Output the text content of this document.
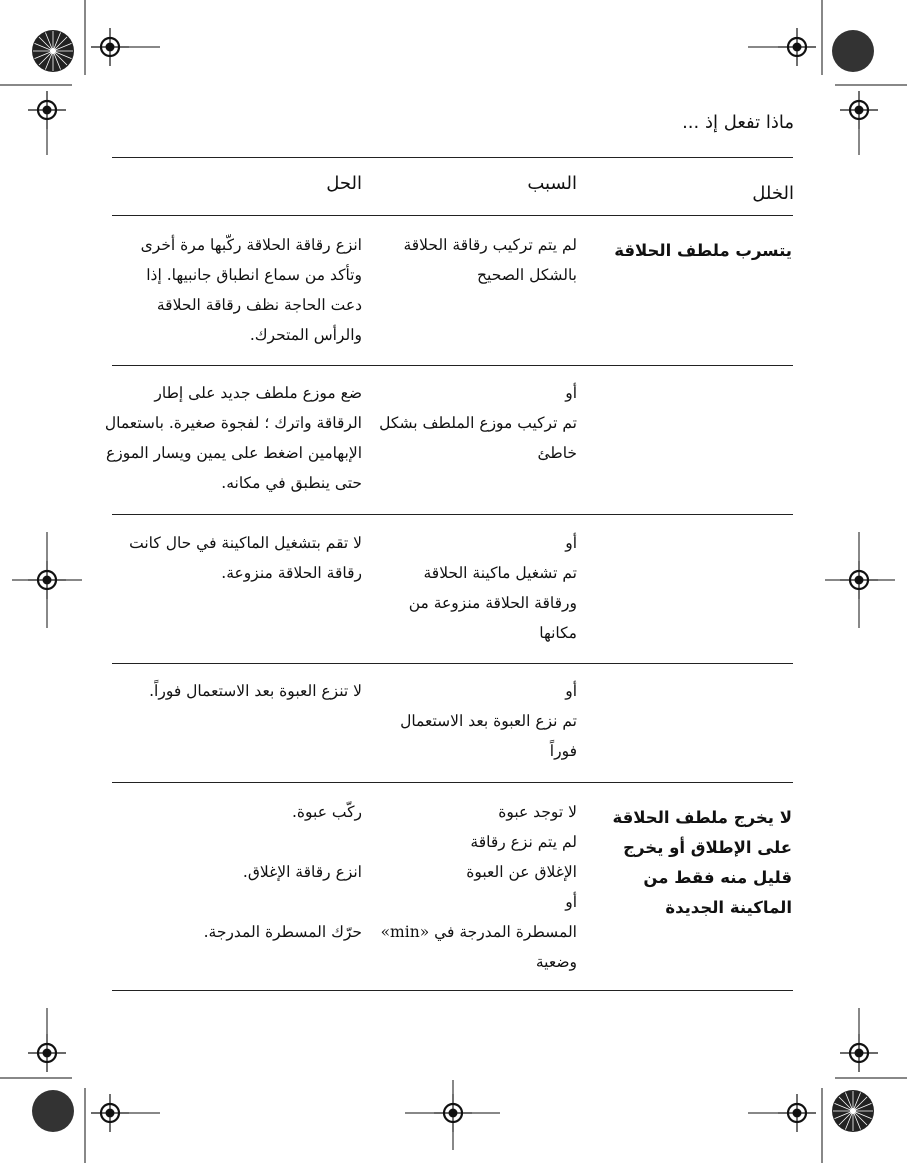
ماذا تفعل إذ ...
الخلل
السبب
الحل
يتسرب ملطف الحلاقة
لم يتم تركيب رقاقة الحلاقة
بالشكل الصحيح
انزع رقاقة الحلاقة ركّبها مرة أخرى
وتأكد من سماع انطباق جانبيها. إذا
دعت الحاجة نظف رقاقة الحلاقة
والرأس المتحرك.
أو
تم تركيب موزع الملطف بشكل
خاطئ
ضع موزع ملطف جديد على إطار
الرقاقة واترك ؛ لفجوة صغيرة. باستعمال
الإبهامين اضغط على يمين ويسار الموزع
حتى ينطبق في مكانه.
أو
تم تشغيل ماكينة الحلاقة
ورقاقة الحلاقة منزوعة من
مكانها
لا تقم بتشغيل الماكينة في حال كانت
رقاقة الحلاقة منزوعة.
أو
تم نزع العبوة بعد الاستعمال
فوراً
لا تنزع العبوة بعد الاستعمال فوراً.
لا يخرج ملطف الحلاقة
على الإطلاق أو يخرج
قليل منه فقط من
الماكينة الجديدة
لا توجد عبوة
لم يتم نزع رقاقة
الإغلاق عن العبوة
أو
المسطرة المدرجة في «min»
وضعية
ركّب عبوة.
انزع رقاقة الإغلاق.
حرّك المسطرة المدرجة.
